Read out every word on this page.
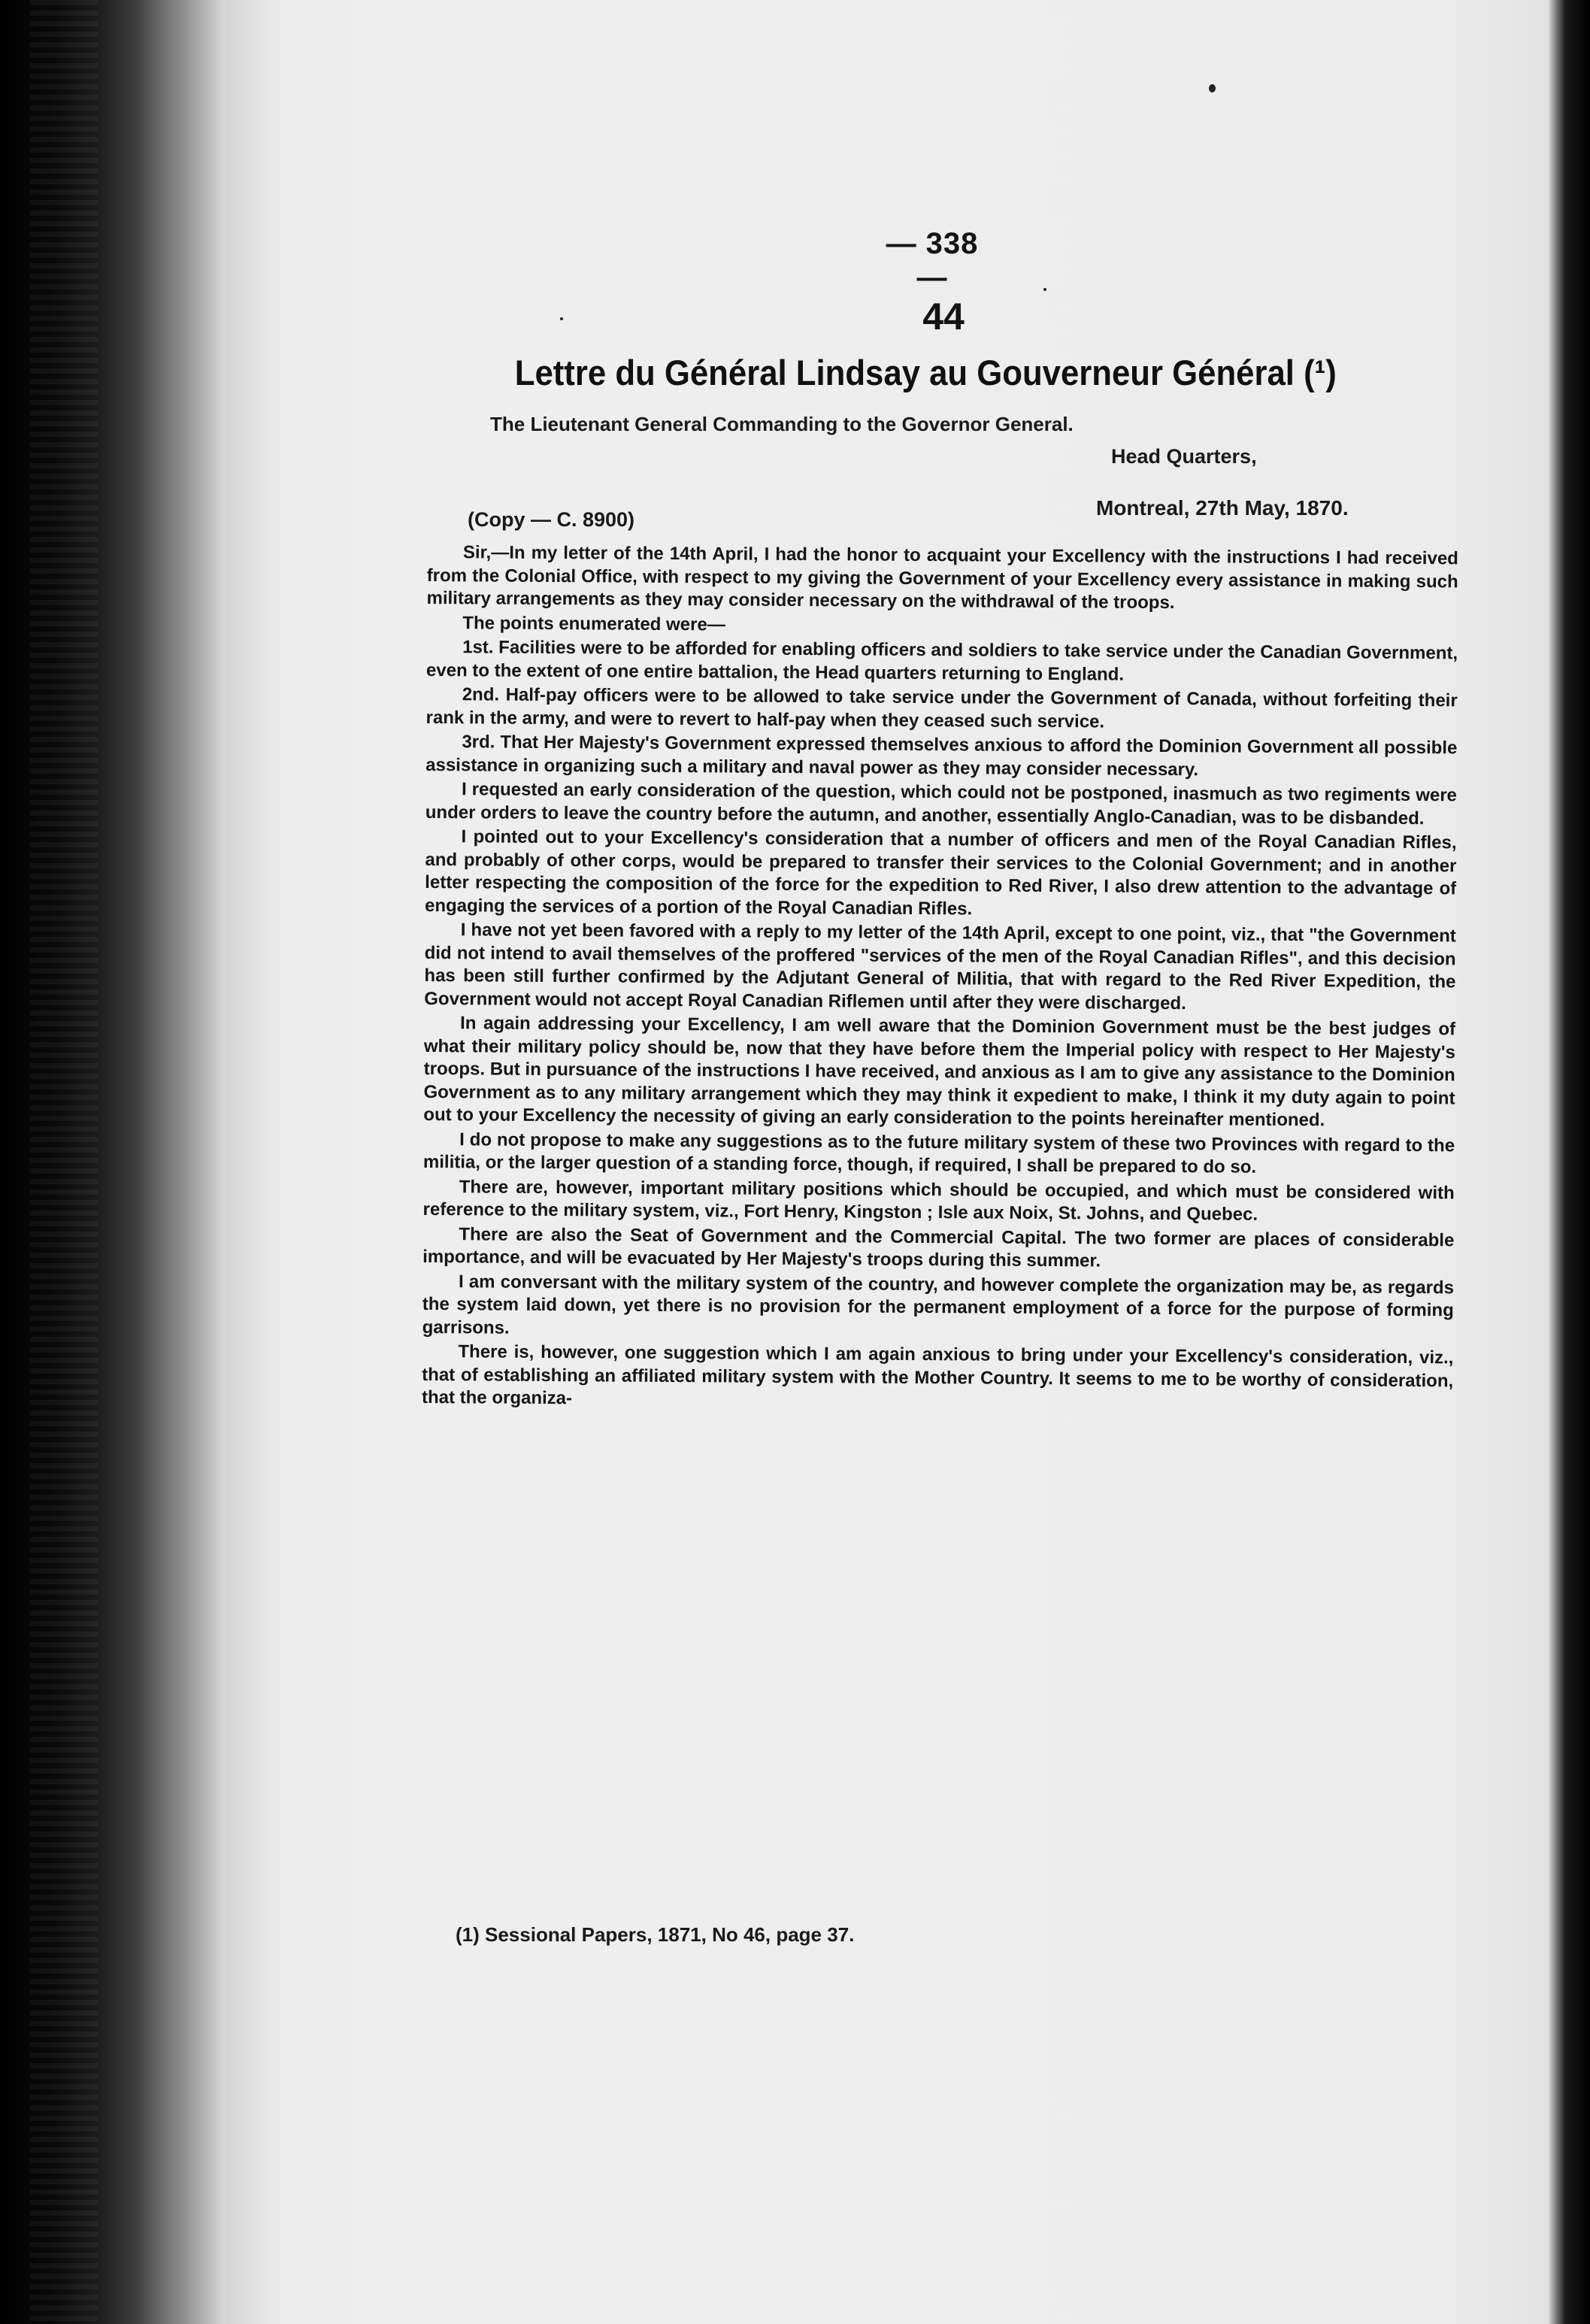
— 338 —
44
Lettre du Général Lindsay au Gouverneur Général (¹)
The Lieutenant General Commanding to the Governor General.
Head Quarters,
Montreal, 27th May, 1870.
(Copy — C. 8900)

Sir,—In my letter of the 14th April, I had the honor to acquaint your Excellency with the instructions I had received from the Colonial Office, with respect to my giving the Government of your Excellency every assistance in making such military arrangements as they may consider necessary on the withdrawal of the troops.

The points enumerated were—

1st. Facilities were to be afforded for enabling officers and soldiers to take service under the Canadian Government, even to the extent of one entire battalion, the Head quarters returning to England.

2nd. Half-pay officers were to be allowed to take service under the Government of Canada, without forfeiting their rank in the army, and were to revert to half-pay when they ceased such service.

3rd. That Her Majesty's Government expressed themselves anxious to afford the Dominion Government all possible assistance in organizing such a military and naval power as they may consider necessary.

I requested an early consideration of the question, which could not be postponed, inasmuch as two regiments were under orders to leave the country before the autumn, and another, essentially Anglo-Canadian, was to be disbanded.

I pointed out to your Excellency's consideration that a number of officers and men of the Royal Canadian Rifles, and probably of other corps, would be prepared to transfer their services to the Colonial Government; and in another letter respecting the composition of the force for the expedition to Red River, I also drew attention to the advantage of engaging the services of a portion of the Royal Canadian Rifles.

I have not yet been favored with a reply to my letter of the 14th April, except to one point, viz., that "the Government did not intend to avail themselves of the proffered "services of the men of the Royal Canadian Rifles", and this decision has been still further confirmed by the Adjutant General of Militia, that with regard to the Red River Expedition, the Government would not accept Royal Canadian Riflemen until after they were discharged.

In again addressing your Excellency, I am well aware that the Dominion Government must be the best judges of what their military policy should be, now that they have before them the Imperial policy with respect to Her Majesty's troops. But in pursuance of the instructions I have received, and anxious as I am to give any assistance to the Dominion Government as to any military arrangement which they may think it expedient to make, I think it my duty again to point out to your Excellency the necessity of giving an early consideration to the points hereinafter mentioned.

I do not propose to make any suggestions as to the future military system of these two Provinces with regard to the militia, or the larger question of a standing force, though, if required, I shall be prepared to do so.

There are, however, important military positions which should be occupied, and which must be considered with reference to the military system, viz., Fort Henry, Kingston ; Isle aux Noix, St. Johns, and Quebec.

There are also the Seat of Government and the Commercial Capital. The two former are places of considerable importance, and will be evacuated by Her Majesty's troops during this summer.

I am conversant with the military system of the country, and however complete the organization may be, as regards the system laid down, yet there is no provision for the permanent employment of a force for the purpose of forming garrisons.

There is, however, one suggestion which I am again anxious to bring under your Excellency's consideration, viz., that of establishing an affiliated military system with the Mother Country. It seems to me to be worthy of consideration, that the organiza-

(1) Sessional Papers, 1871, No 46, page 37.
